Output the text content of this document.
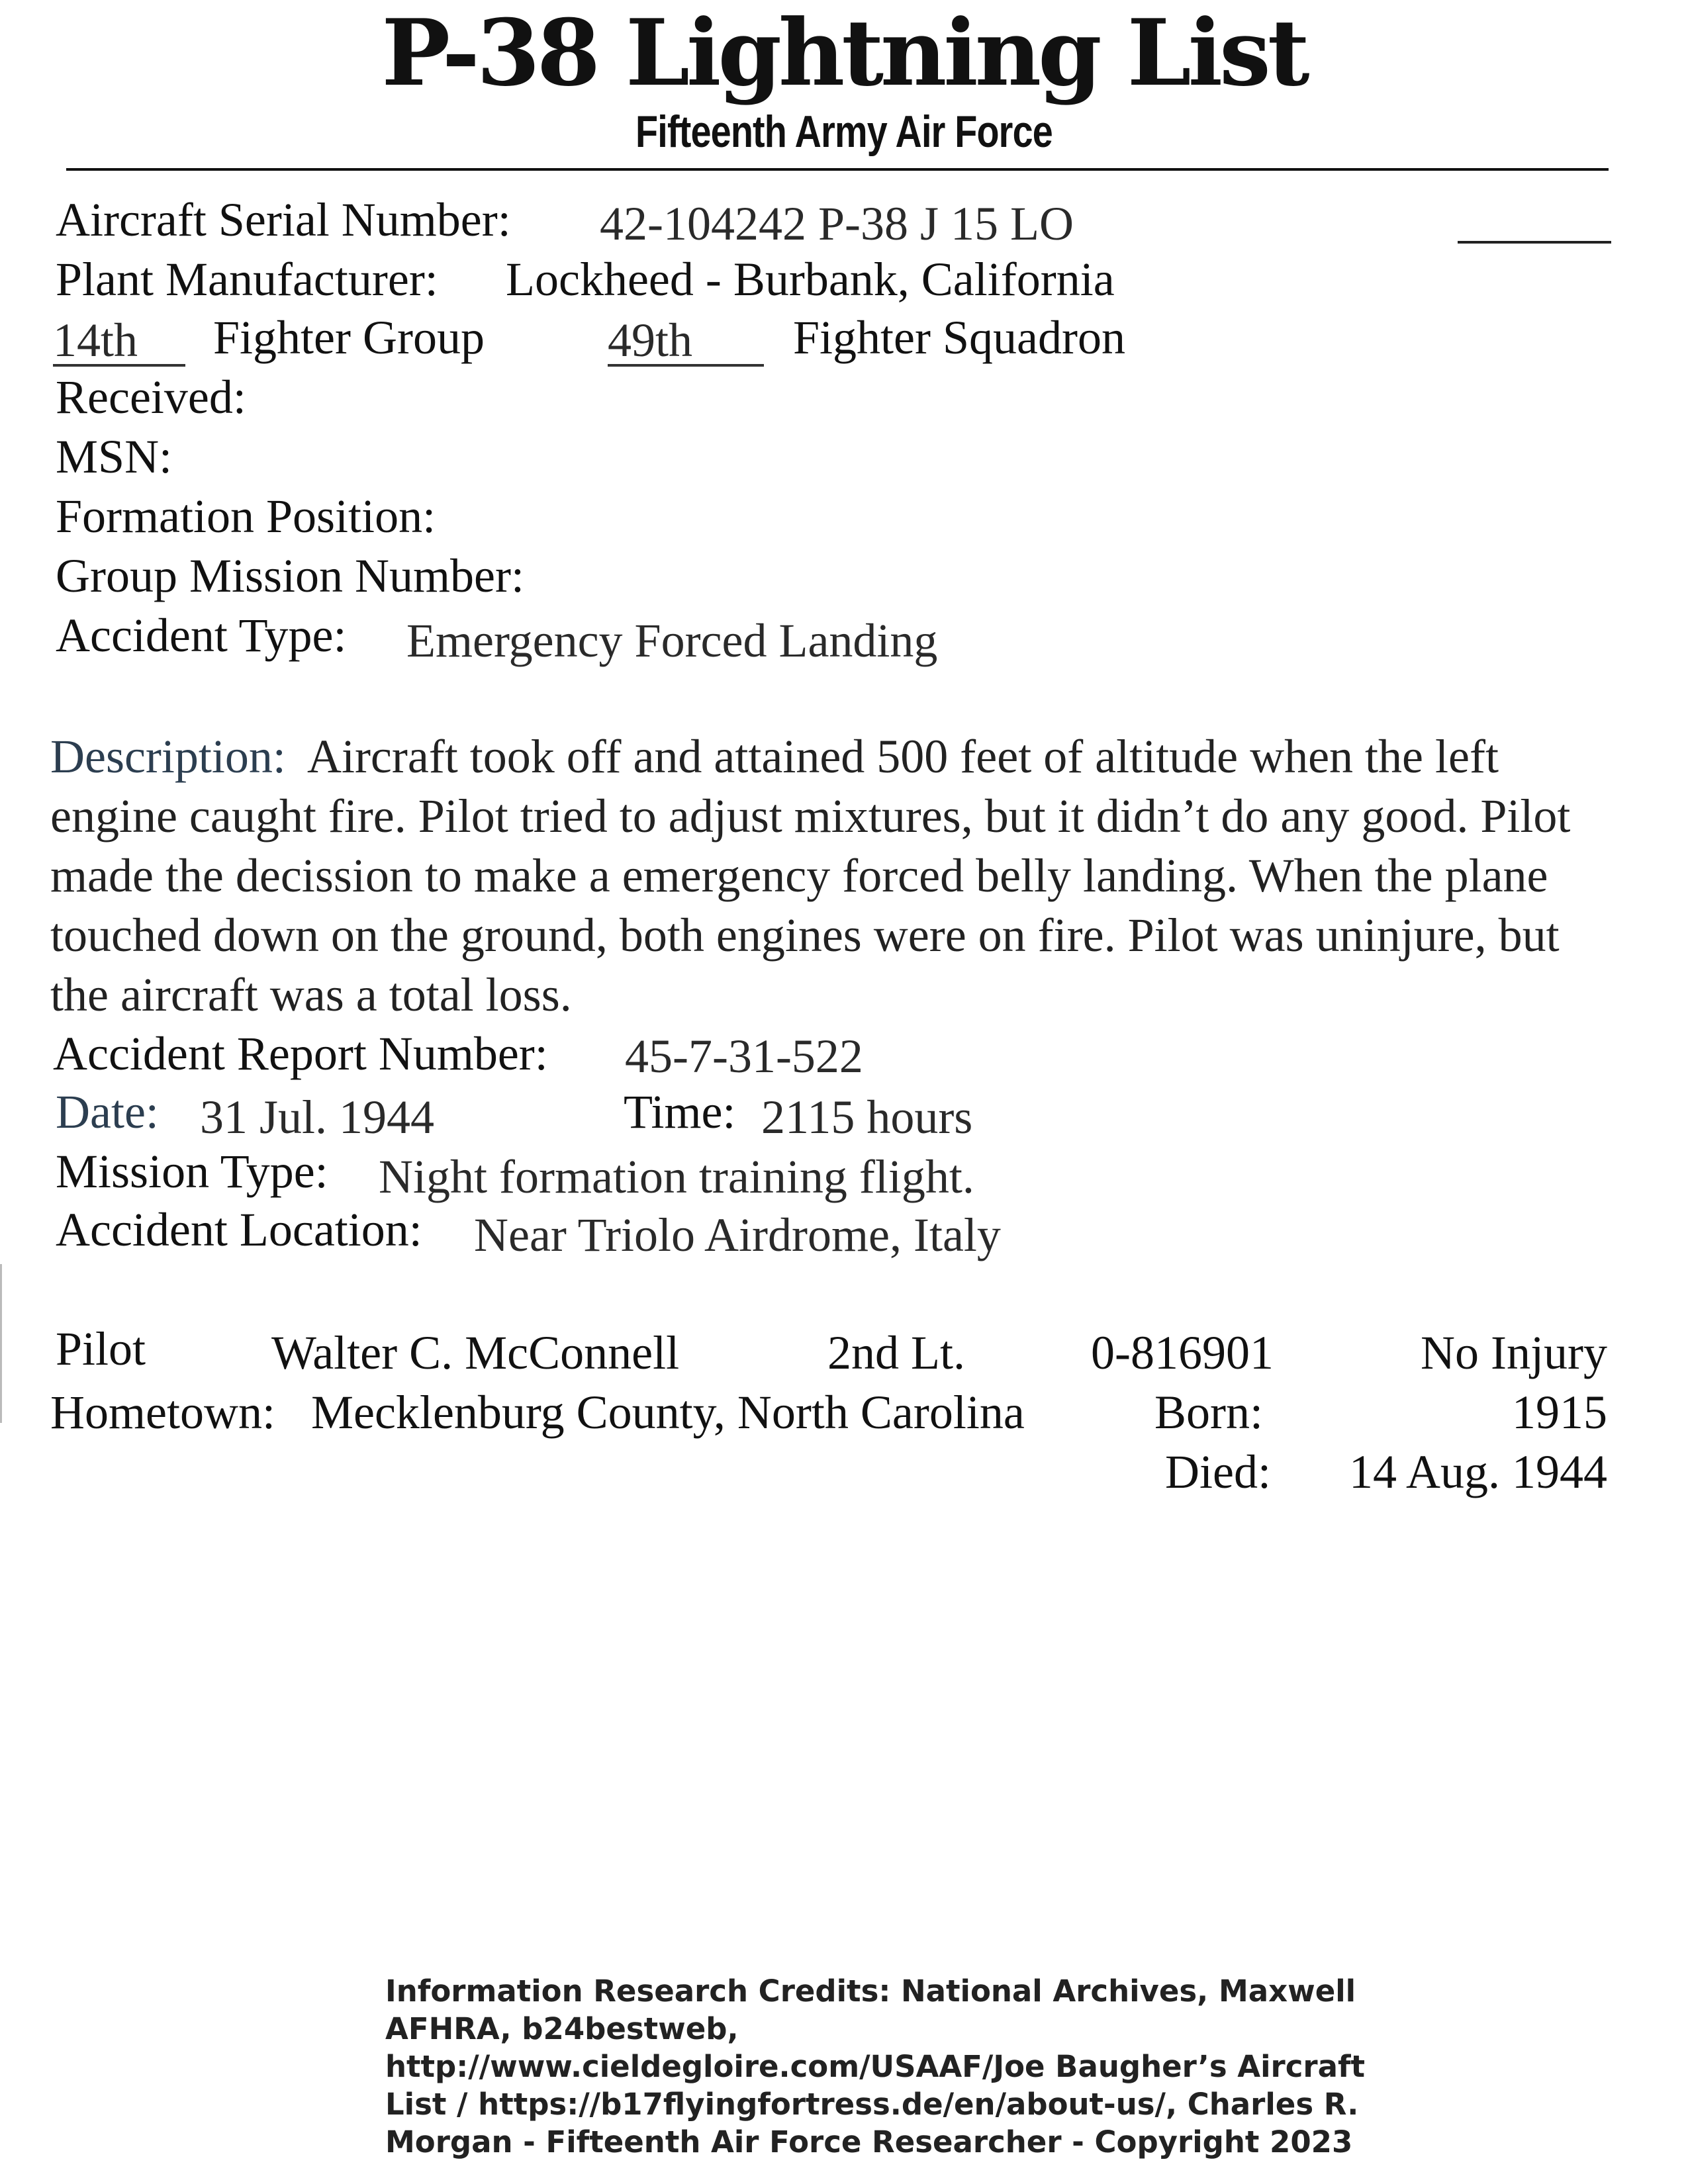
P-38 Lightning List
Fifteenth Army Air Force
Aircraft Serial Number: 42-104242 P-38 J 15 LO
Plant Manufacturer: Lockheed - Burbank, California
14th	Fighter Group	49th	Fighter Squadron
Received:
MSN:
Formation Position:
Group Mission Number:
Accident Type: Emergency Forced Landing
Description: Aircraft took off and attained 500 feet of altitude when the left engine caught fire. Pilot tried to adjust mixtures, but it didn’t do any good. Pilot made the decission to make a emergency forced belly landing. When the plane touched down on the ground, both engines were on fire. Pilot was uninjure, but the aircraft was a total loss.
Accident Report Number: 45-7-31-522
Date: 31 Jul. 1944	Time: 2115 hours
Mission Type: Night formation training flight.
Accident Location: Near Triolo Airdrome, Italy
Pilot	Walter C. McConnell	2nd Lt.	0-816901	No Injury
Hometown: Mecklenburg County, North Carolina	Born:	1915
Died: 14 Aug. 1944
Information Research Credits: National Archives, Maxwell AFHRA, b24bestweb, http://www.cieldegloire.com/USAAF/Joe Baugher’s Aircraft List / https://b17flyingfortress.de/en/about-us/, Charles R. Morgan - Fifteenth Air Force Researcher - Copyright 2023
